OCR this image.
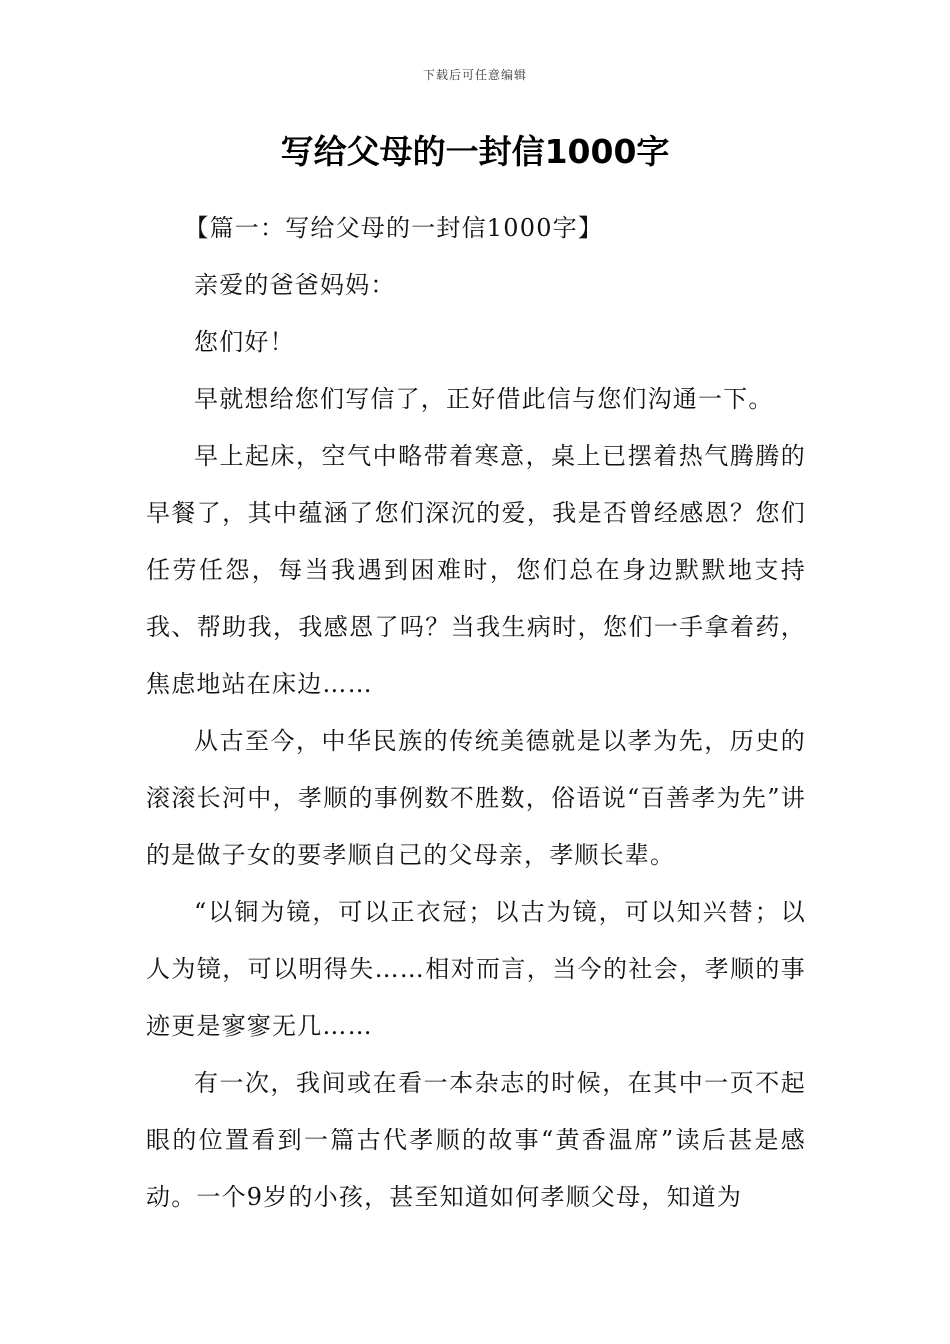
下载后可任意编辑
写给父母的一封信1000字

【篇一：写给父母的一封信1000字】

亲爱的爸爸妈妈：

您们好！

早就想给您们写信了，正好借此信与您们沟通一下。

早上起床，空气中略带着寒意，桌上已摆着热气腾腾的早餐了，其中蕴涵了您们深沉的爱，我是否曾经感恩？您们任劳任怨，每当我遇到困难时，您们总在身边默默地支持我、帮助我，我感恩了吗？当我生病时，您们一手拿着药，焦虑地站在床边……

从古至今，中华民族的传统美德就是以孝为先，历史的滚滚长河中，孝顺的事例数不胜数，俗语说“百善孝为先”讲的是做子女的要孝顺自己的父母亲，孝顺长辈。

“以铜为镜，可以正衣冠；以古为镜，可以知兴替；以人为镜，可以明得失……相对而言，当今的社会，孝顺的事迹更是寥寥无几……

有一次，我间或在看一本杂志的时候，在其中一页不起眼的位置看到一篇古代孝顺的故事“黄香温席”读后甚是感动。一个9岁的小孩，甚至知道如何孝顺父母，知道为
